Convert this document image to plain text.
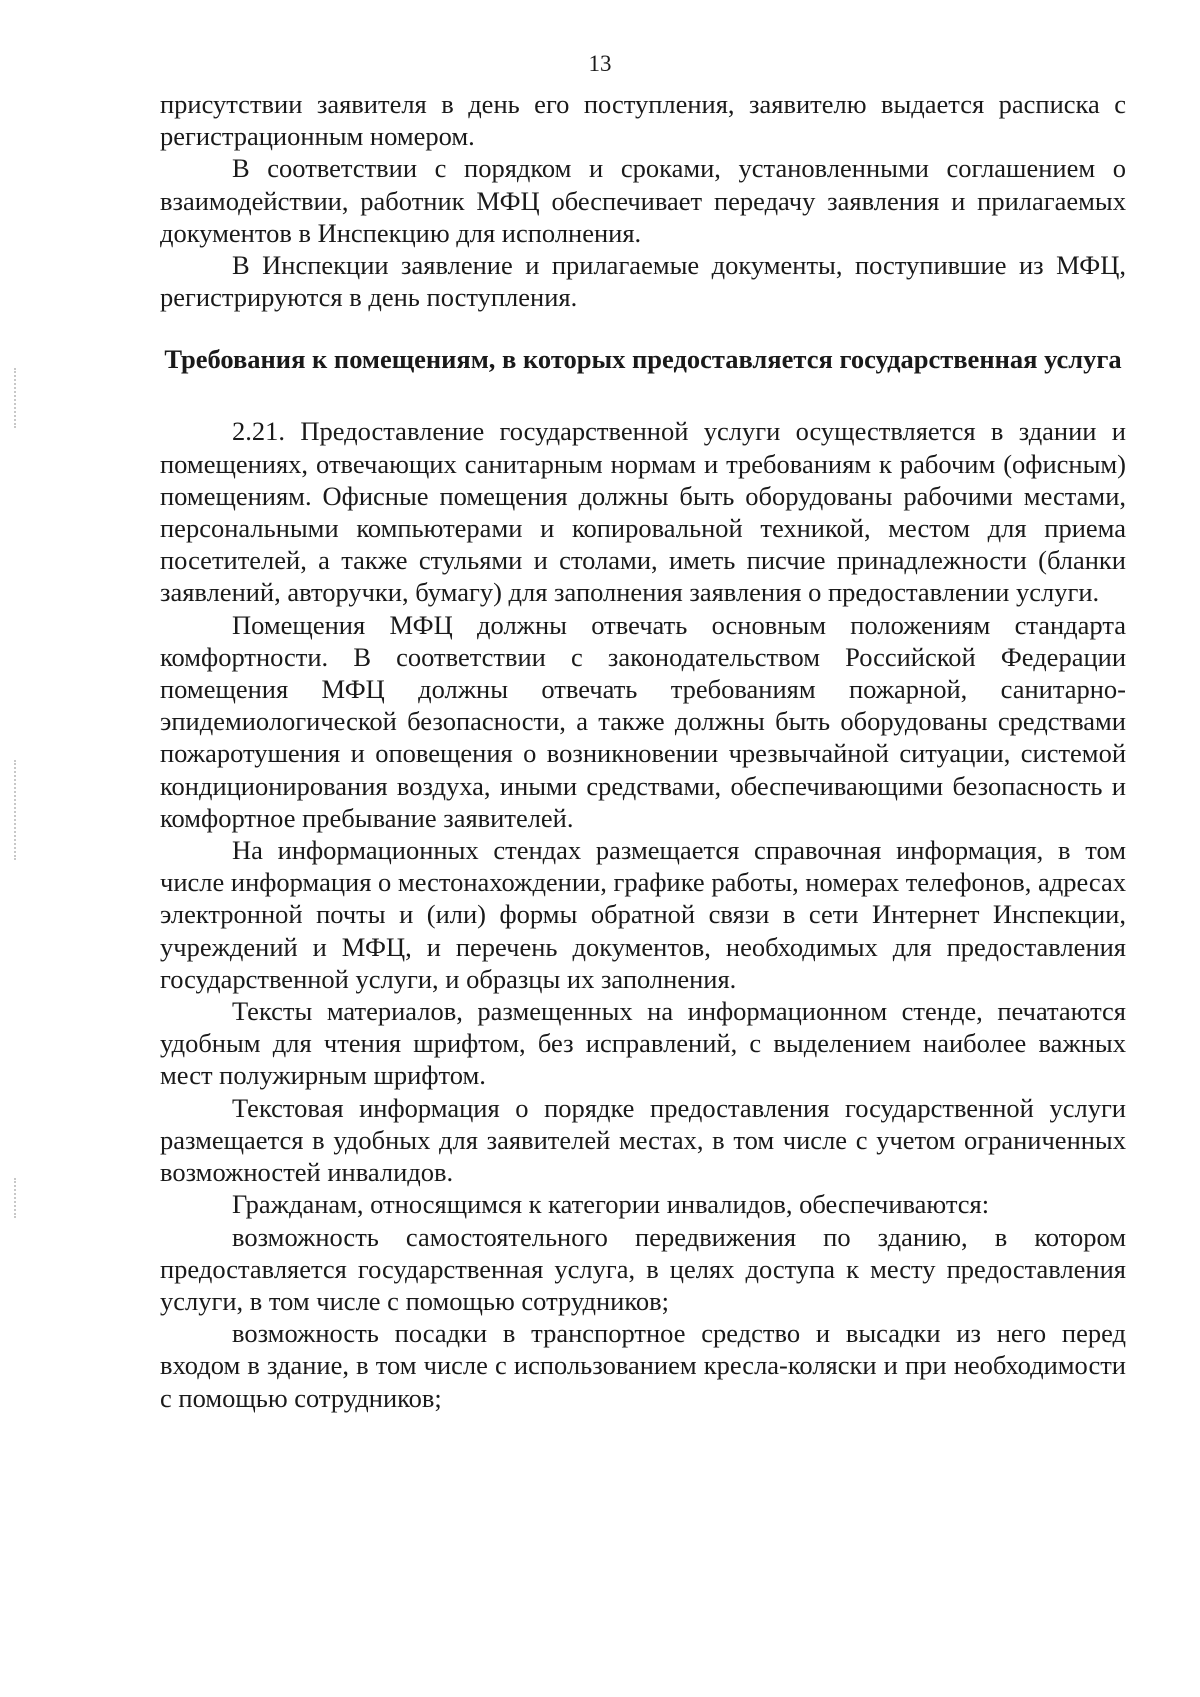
13

присутствии заявителя в день его поступления, заявителю выдается расписка с регистрационным номером.

В соответствии с порядком и сроками, установленными соглашением о взаимодействии, работник МФЦ обеспечивает передачу заявления и прилагаемых документов в Инспекцию для исполнения.

В Инспекции заявление и прилагаемые документы, поступившие из МФЦ, регистрируются в день поступления.

Требования к помещениям, в которых предоставляется государственная услуга

2.21. Предоставление государственной услуги осуществляется в здании и помещениях, отвечающих санитарным нормам и требованиям к рабочим (офисным) помещениям. Офисные помещения должны быть оборудованы рабочими местами, персональными компьютерами и копировальной техникой, местом для приема посетителей, а также стульями и столами, иметь писчие принадлежности (бланки заявлений, авторучки, бумагу) для заполнения заявления о предоставлении услуги.

Помещения МФЦ должны отвечать основным положениям стандарта комфортности. В соответствии с законодательством Российской Федерации помещения МФЦ должны отвечать требованиям пожарной, санитарно-эпидемиологической безопасности, а также должны быть оборудованы средствами пожаротушения и оповещения о возникновении чрезвычайной ситуации, системой кондиционирования воздуха, иными средствами, обеспечивающими безопасность и комфортное пребывание заявителей.

На информационных стендах размещается справочная информация, в том числе информация о местонахождении, графике работы, номерах телефонов, адресах электронной почты и (или) формы обратной связи в сети Интернет Инспекции, учреждений и МФЦ, и перечень документов, необходимых для предоставления государственной услуги, и образцы их заполнения.

Тексты материалов, размещенных на информационном стенде, печатаются удобным для чтения шрифтом, без исправлений, с выделением наиболее важных мест полужирным шрифтом.

Текстовая информация о порядке предоставления государственной услуги размещается в удобных для заявителей местах, в том числе с учетом ограниченных возможностей инвалидов.

Гражданам, относящимся к категории инвалидов, обеспечиваются:

возможность самостоятельного передвижения по зданию, в котором предоставляется государственная услуга, в целях доступа к месту предоставления услуги, в том числе с помощью сотрудников;

возможность посадки в транспортное средство и высадки из него перед входом в здание, в том числе с использованием кресла-коляски и при необходимости с помощью сотрудников;
